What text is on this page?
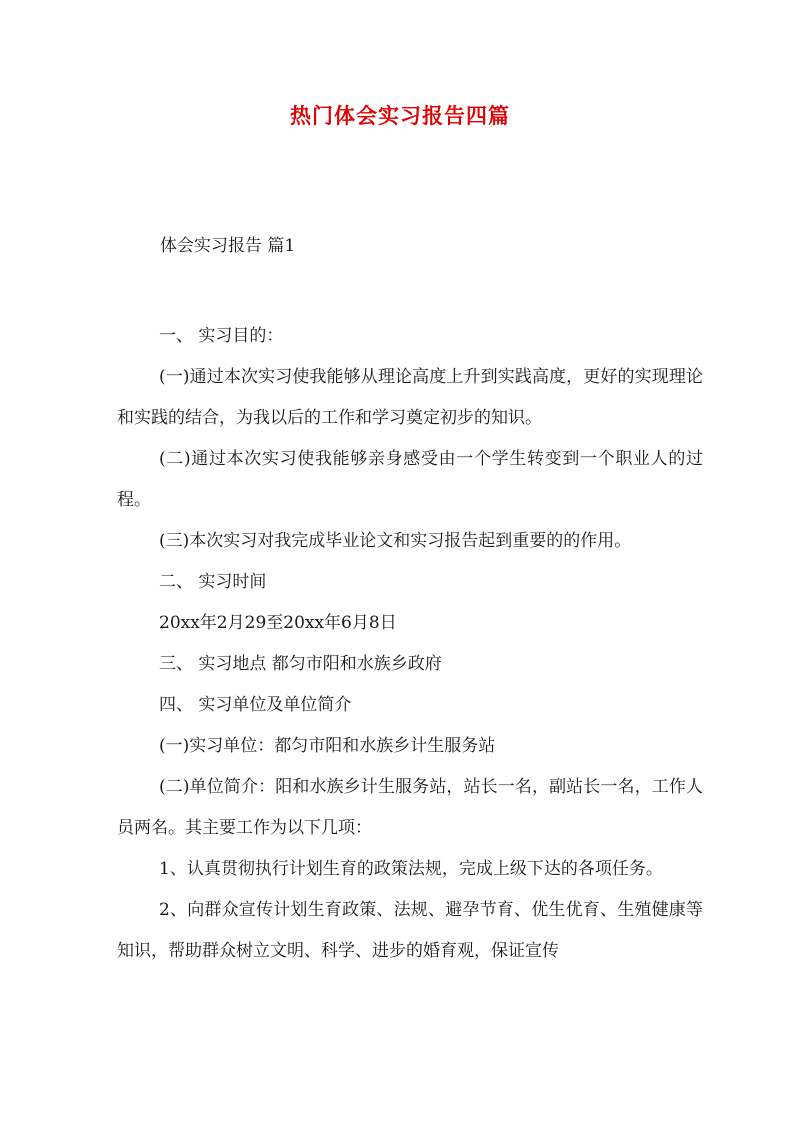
热门体会实习报告四篇
体会实习报告 篇1

一、 实习目的：

(一)通过本次实习使我能够从理论高度上升到实践高度，更好的实现理论和实践的结合，为我以后的工作和学习奠定初步的知识。

(二)通过本次实习使我能够亲身感受由一个学生转变到一个职业人的过程。

(三)本次实习对我完成毕业论文和实习报告起到重要的的作用。

二、 实习时间

20xx年2月29至20xx年6月8日

三、 实习地点 都匀市阳和水族乡政府

四、 实习单位及单位简介

(一)实习单位：都匀市阳和水族乡计生服务站

(二)单位简介：阳和水族乡计生服务站，站长一名，副站长一名，工作人员两名。其主要工作为以下几项：

1、认真贯彻执行计划生育的政策法规，完成上级下达的各项任务。

2、向群众宣传计划生育政策、法规、避孕节育、优生优育、生殖健康等知识，帮助群众树立文明、科学、进步的婚育观，保证宣传
